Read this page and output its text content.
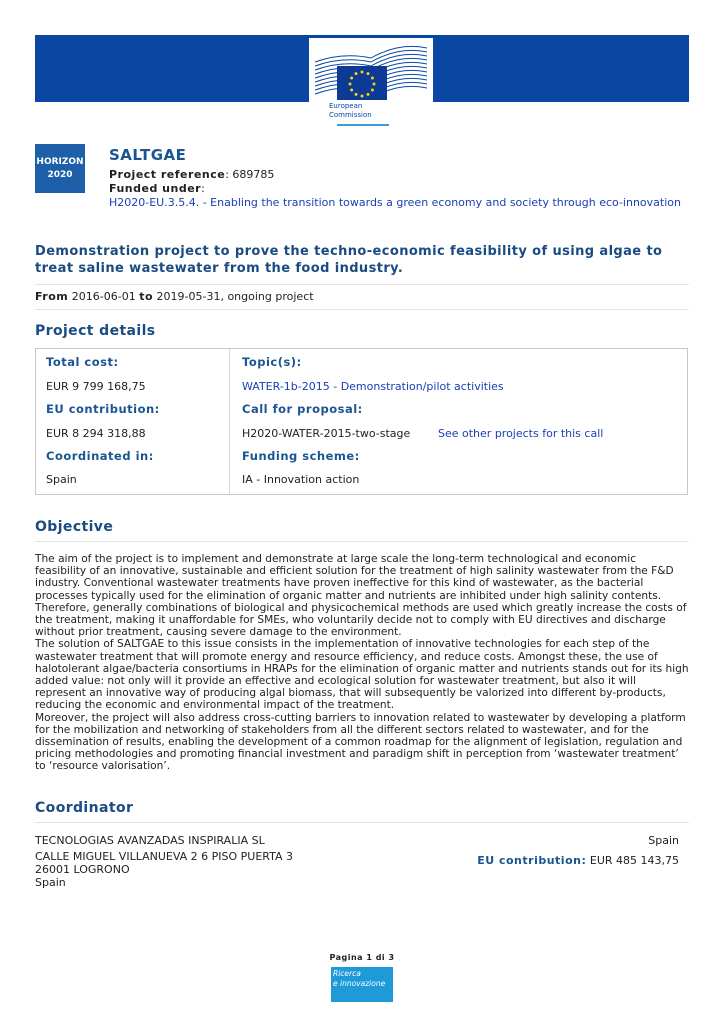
European
Commission
HORIZON
2020
SALTGAE
Project reference: 689785
Funded under:
H2020-EU.3.5.4. - Enabling the transition towards a green economy and society through eco-innovation
Demonstration project to prove the techno-economic feasibility of using algae to treat saline wastewater from the food industry.
From 2016-06-01 to 2019-05-31, ongoing project
Project details
Total cost:
EUR 9 799 168,75
EU contribution:
EUR 8 294 318,88
Coordinated in:
Spain
Topic(s):
WATER-1b-2015 - Demonstration/pilot activities
Call for proposal:
H2020-WATER-2015-two-stage	See other projects for this call
Funding scheme:
IA - Innovation action
Objective

The aim of the project is to implement and demonstrate at large scale the long-term technological and economic feasibility of an innovative, sustainable and efficient solution for the treatment of high salinity wastewater from the F&D industry. Conventional wastewater treatments have proven ineffective for this kind of wastewater, as the bacterial processes typically used for the elimination of organic matter and nutrients are inhibited under high salinity contents. Therefore, generally combinations of biological and physicochemical methods are used which greatly increase the costs of the treatment, making it unaffordable for SMEs, who voluntarily decide not to comply with EU directives and discharge without prior treatment, causing severe damage to the environment.

The solution of SALTGAE to this issue consists in the implementation of innovative technologies for each step of the wastewater treatment that will promote energy and resource efficiency, and reduce costs. Amongst these, the use of halotolerant algae/bacteria consortiums in HRAPs for the elimination of organic matter and nutrients stands out for its high added value: not only will it provide an effective and ecological solution for wastewater treatment, but also it will represent an innovative way of producing algal biomass, that will subsequently be valorized into different by-products, reducing the economic and environmental impact of the treatment.

Moreover, the project will also address cross-cutting barriers to innovation related to wastewater by developing a platform for the mobilization and networking of stakeholders from all the different sectors related to wastewater, and for the dissemination of results, enabling the development of a common roadmap for the alignment of legislation, regulation and pricing methodologies and promoting financial investment and paradigm shift in perception from ‘wastewater treatment’ to ‘resource valorisation’.

Coordinator
TECNOLOGIAS AVANZADAS INSPIRALIA SL
CALLE MIGUEL VILLANUEVA 2 6 PISO PUERTA 3
26001 LOGRONO
Spain
Spain
EU contribution: EUR 485 143,75
Pagina 1 di 3
Ricerca
e innovazione
